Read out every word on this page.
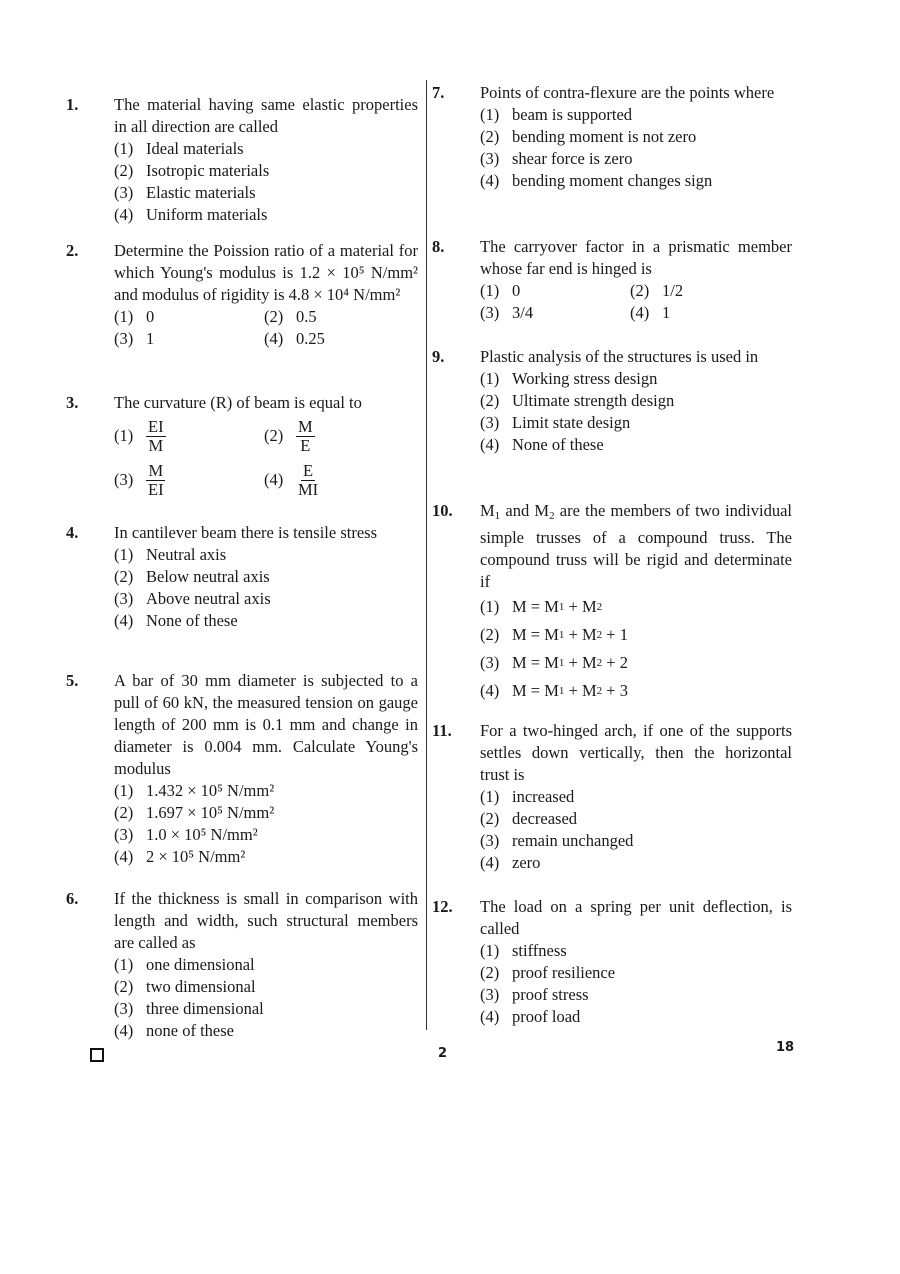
1.	The material having same elastic properties in all direction are called
(1) Ideal materials
(2) Isotropic materials
(3) Elastic materials
(4) Uniform materials
2.	Determine the Poission ratio of a material for which Young's modulus is 1.2 × 10⁵ N/mm² and modulus of rigidity is 4.8 × 10⁴ N/mm²
(1) 0	(2) 0.5
(3) 1	(4) 0.25
3.	The curvature (R) of beam is equal to
$(1) \frac{EI}{M}$	$(2) \frac{M}{E}$
$(3) \frac{M}{EI}$	$(4) \frac{E}{MI}$
4.	In cantilever beam there is tensile stress
(1) Neutral axis
(2) Below neutral axis
(3) Above neutral axis
(4) None of these
5.	A bar of 30 mm diameter is subjected to a pull of 60 kN, the measured tension on gauge length of 200 mm is 0.1 mm and change in diameter is 0.004 mm. Calculate Young's modulus
(1) 1.432 × 10⁵ N/mm²
(2) 1.697 × 10⁵ N/mm²
(3) 1.0 × 10⁵ N/mm²
(4) 2 × 10⁵ N/mm²
6.	If the thickness is small in comparison with length and width, such structural members are called as
(1) one dimensional
(2) two dimensional
(3) three dimensional
(4) none of these
7.	Points of contra-flexure are the points where
(1) beam is supported
(2) bending moment is not zero
(3) shear force is zero
(4) bending moment changes sign
8.	The carryover factor in a prismatic member whose far end is hinged is
(1) 0	(2) 1/2
(3) 3/4	(4) 1
9.	Plastic analysis of the structures is used in
(1) Working stress design
(2) Ultimate strength design
(3) Limit state design
(4) None of these
10.	$M_1$ and $M_2$ are the members of two individual simple trusses of a compound truss. The compound truss will be rigid and determinate if
(1) M = M 1 + M 2
(2) M = M 1 + M 2 + 1
(3) M = M 1 + M 2 + 2
(4) M = M 1 + M 2 + 3
11.	For a two-hinged arch, if one of the supports settles down vertically, then the horizontal trust is
(1) increased
(2) decreased
(3) remain unchanged
(4) zero
12.	The load on a spring per unit deflection, is called
(1) stiffness
(2) proof resilience
(3) proof stress
(4) proof load
2	18
